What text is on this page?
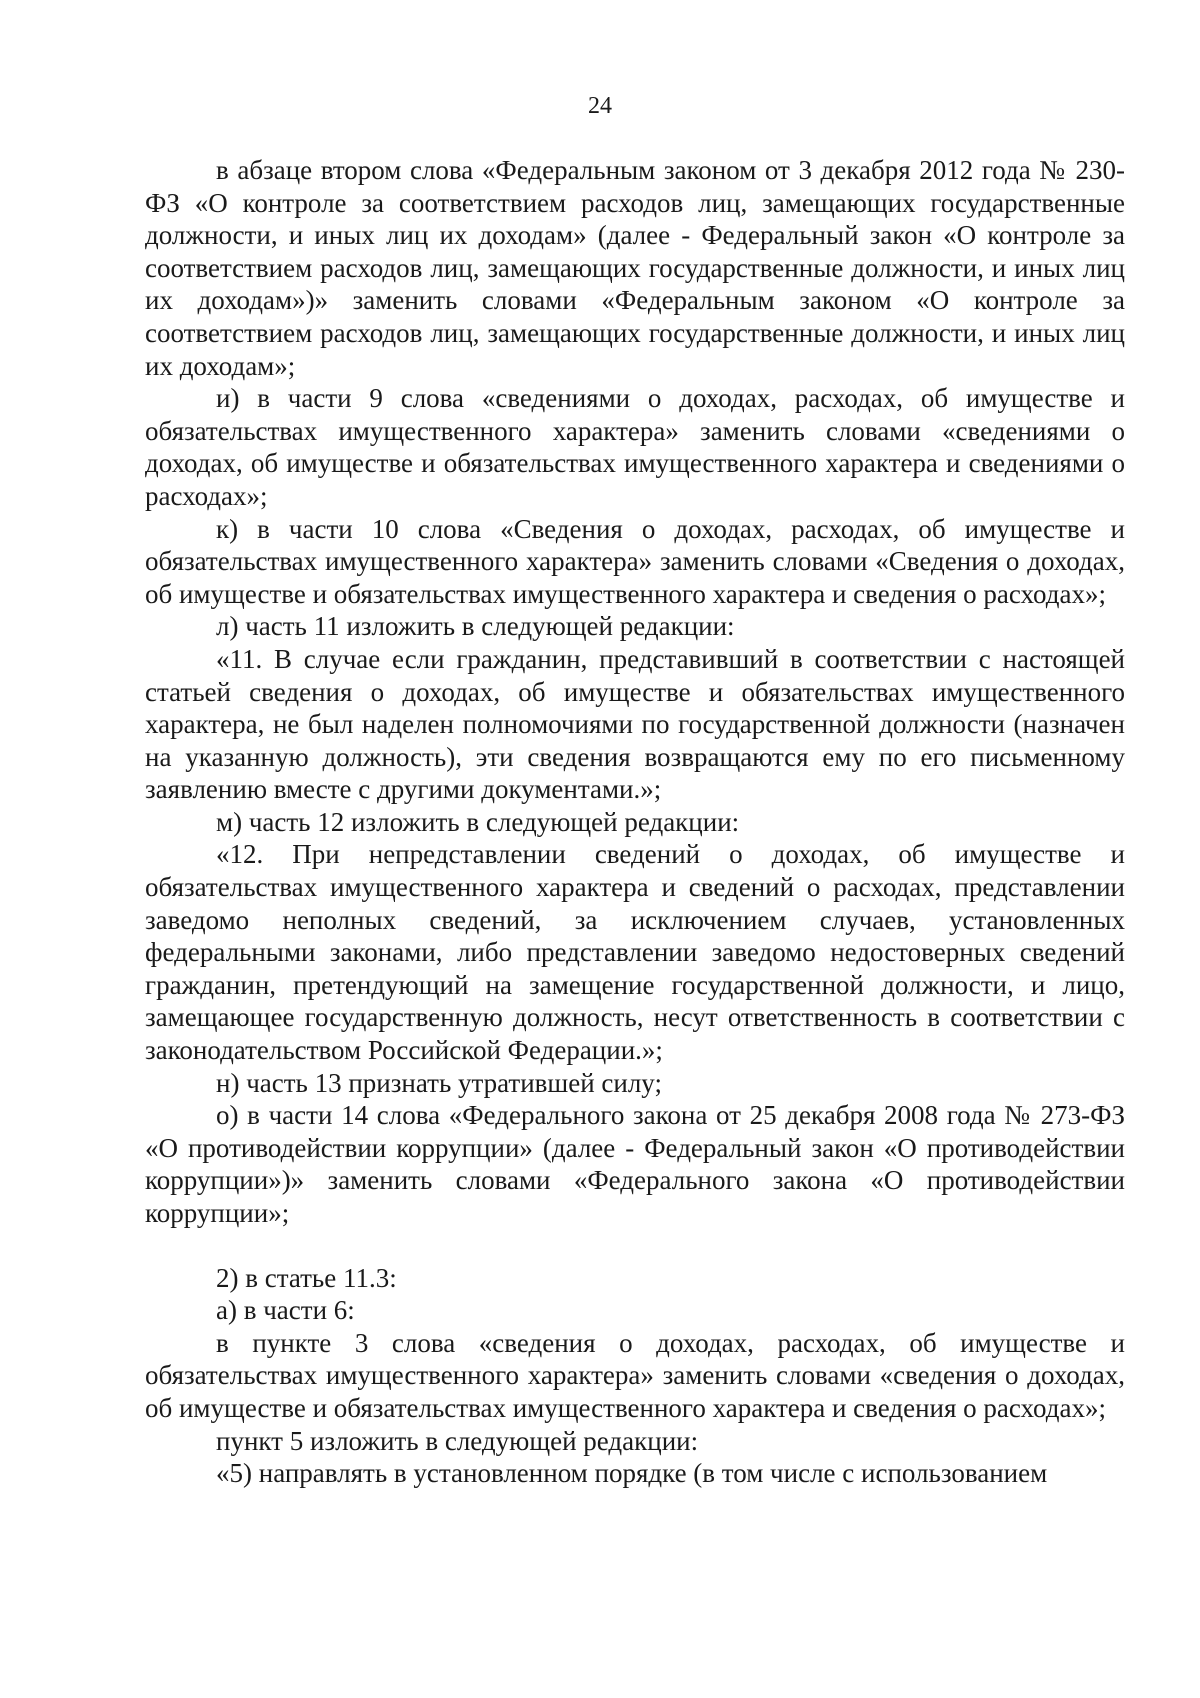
24

в абзаце втором слова «Федеральным законом от 3 декабря 2012 года № 230-ФЗ «О контроле за соответствием расходов лиц, замещающих государственные должности, и иных лиц их доходам» (далее - Федеральный закон «О контроле за соответствием расходов лиц, замещающих государственные должности, и иных лиц их доходам»)» заменить словами «Федеральным законом «О контроле за соответствием расходов лиц, замещающих государственные должности, и иных лиц их доходам»;

и) в части 9 слова «сведениями о доходах, расходах, об имуществе и обязательствах имущественного характера» заменить словами «сведениями о доходах, об имуществе и обязательствах имущественного характера и сведениями о расходах»;

к) в части 10 слова «Сведения о доходах, расходах, об имуществе и обязательствах имущественного характера» заменить словами «Сведения о доходах, об имуществе и обязательствах имущественного характера и сведения о расходах»;

л) часть 11 изложить в следующей редакции:

«11. В случае если гражданин, представивший в соответствии с настоящей статьей сведения о доходах, об имуществе и обязательствах имущественного характера, не был наделен полномочиями по государственной должности (назначен на указанную должность), эти сведения возвращаются ему по его письменному заявлению вместе с другими документами.»;

м) часть 12 изложить в следующей редакции:

«12. При непредставлении сведений о доходах, об имуществе и обязательствах имущественного характера и сведений о расходах, представлении заведомо неполных сведений, за исключением случаев, установленных федеральными законами, либо представлении заведомо недостоверных сведений гражданин, претендующий на замещение государственной должности, и лицо, замещающее государственную должность, несут ответственность в соответствии с законодательством Российской Федерации.»;

н) часть 13 признать утратившей силу;

о) в части 14 слова «Федерального закона от 25 декабря 2008 года № 273-ФЗ «О противодействии коррупции» (далее - Федеральный закон «О противодействии коррупции»)» заменить словами «Федерального закона «О противодействии коррупции»;

2) в статье 11.3:

а) в части 6:

в пункте 3 слова «сведения о доходах, расходах, об имуществе и обязательствах имущественного характера» заменить словами «сведения о доходах, об имуществе и обязательствах имущественного характера и сведения о расходах»;

пункт 5 изложить в следующей редакции:

«5) направлять в установленном порядке (в том числе с использованием
